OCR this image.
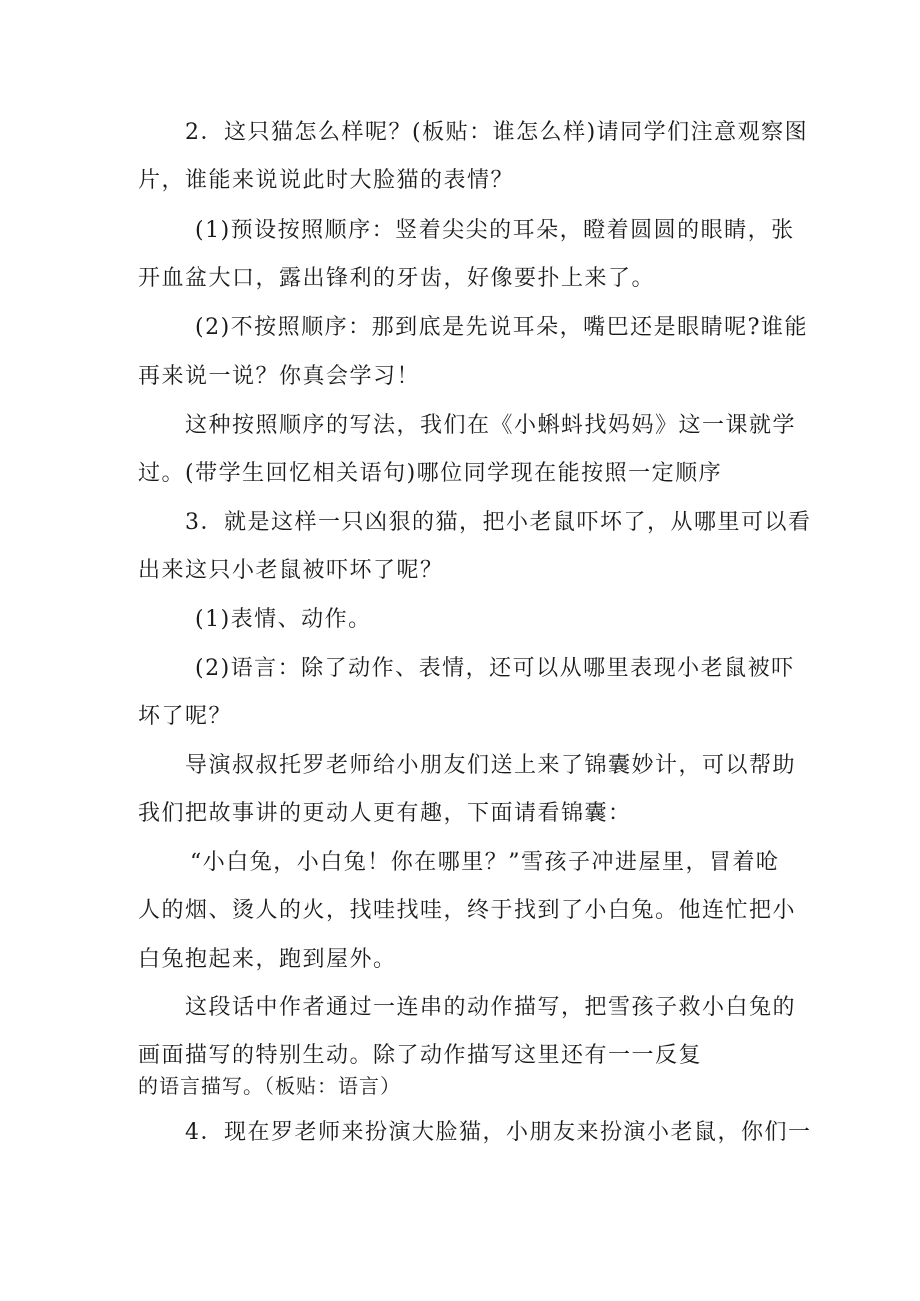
2．这只猫怎么样呢？(板贴：谁怎么样)请同学们注意观察图
片，谁能来说说此时大脸猫的表情？
(1)预设按照顺序：竖着尖尖的耳朵，瞪着圆圆的眼睛，张
开血盆大口，露出锋利的牙齿，好像要扑上来了。
(2)不按照顺序：那到底是先说耳朵，嘴巴还是眼睛呢?谁能
再来说一说？你真会学习！
这种按照顺序的写法，我们在《小蝌蚪找妈妈》这一课就学
过。(带学生回忆相关语句)哪位同学现在能按照一定顺序
3．就是这样一只凶狠的猫，把小老鼠吓坏了，从哪里可以看
出来这只小老鼠被吓坏了呢？
(1)表情、动作。
(2)语言：除了动作、表情，还可以从哪里表现小老鼠被吓
坏了呢？
导演叔叔托罗老师给小朋友们送上来了锦囊妙计，可以帮助
我们把故事讲的更动人更有趣，下面请看锦囊：
“小白兔，小白兔！你在哪里？”雪孩子冲进屋里，冒着呛
人的烟、烫人的火，找哇找哇，终于找到了小白兔。他连忙把小
白兔抱起来，跑到屋外。
这段话中作者通过一连串的动作描写，把雪孩子救小白兔的
画面描写的特别生动。除了动作描写这里还有一一反复
的语言描写。（板贴：语言）
4．现在罗老师来扮演大脸猫，小朋友来扮演小老鼠，你们一
